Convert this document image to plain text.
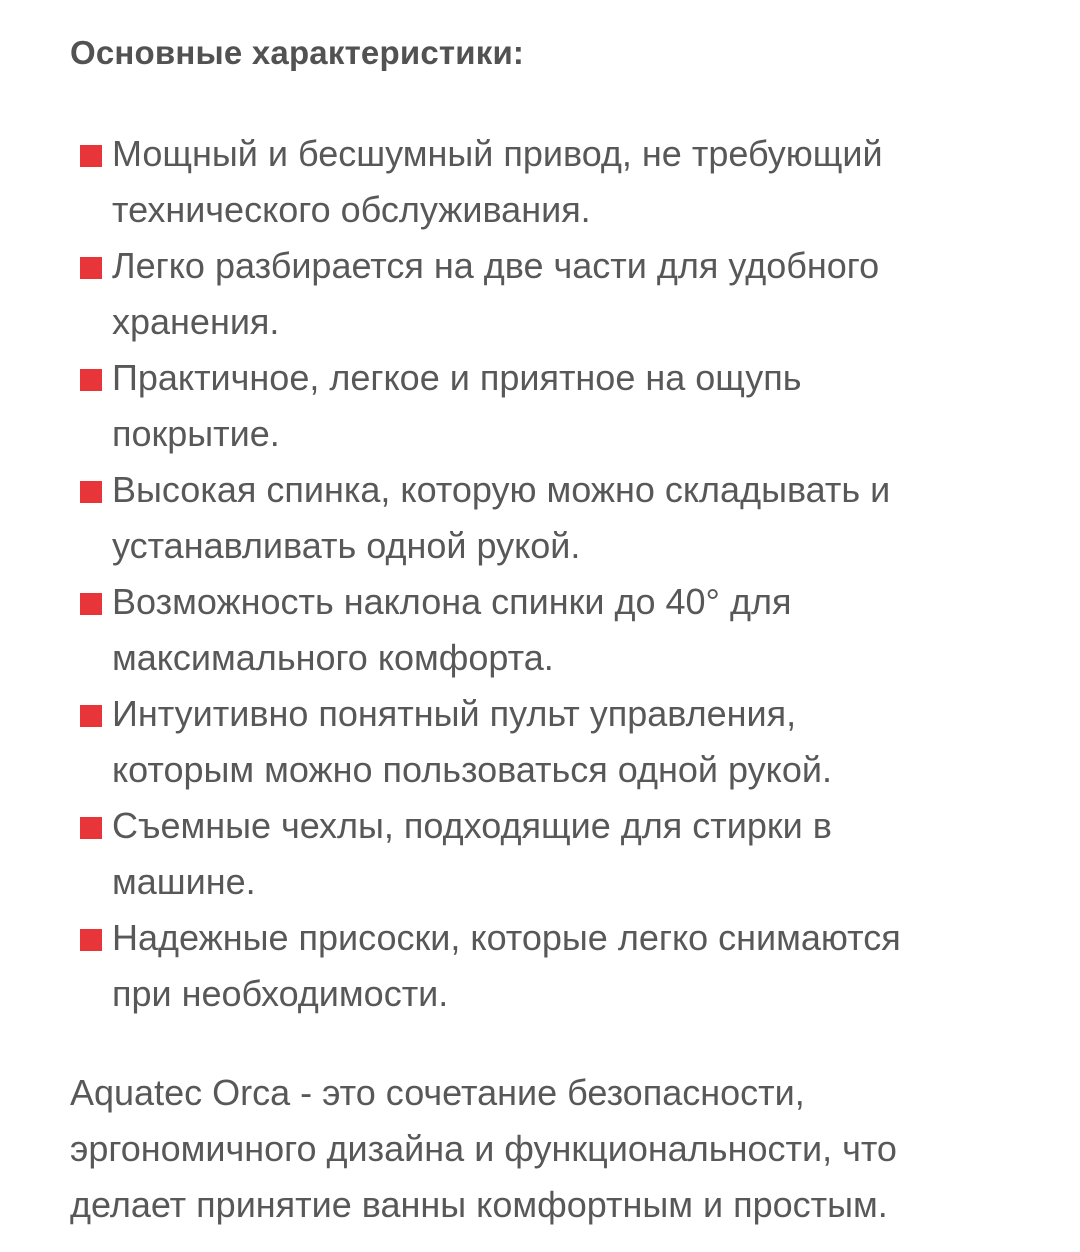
Основные характеристики:
Мощный и бесшумный привод, не требующий
технического обслуживания.
Легко разбирается на две части для удобного
хранения.
Практичное, легкое и приятное на ощупь
покрытие.
Высокая спинка, которую можно складывать и
устанавливать одной рукой.
Возможность наклона спинки до 40° для
максимального комфорта.
Интуитивно понятный пульт управления,
которым можно пользоваться одной рукой.
Съемные чехлы, подходящие для стирки в
машине.
Надежные присоски, которые легко снимаются
при необходимости.

Aquatec Orca - это сочетание безопасности,
эргономичного дизайна и функциональности, что
делает принятие ванны комфортным и простым.
